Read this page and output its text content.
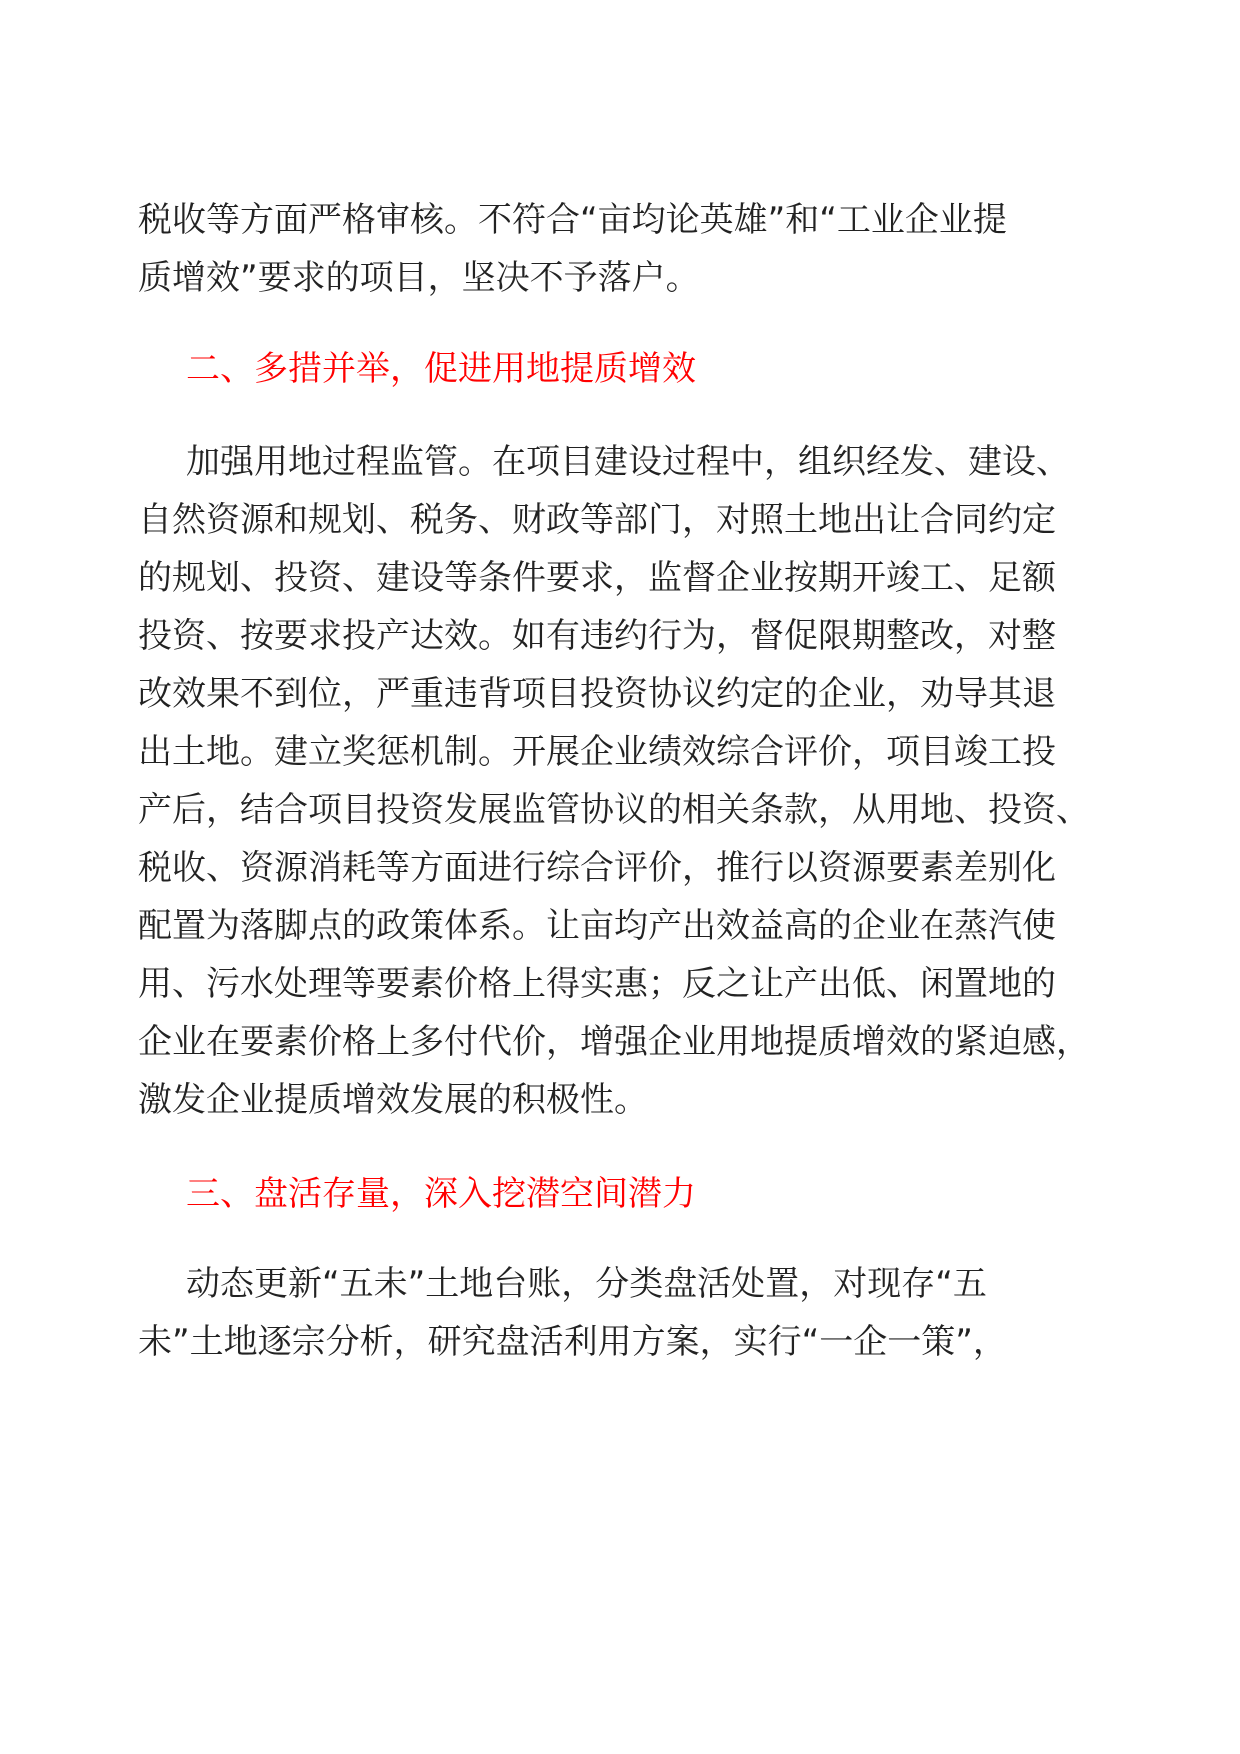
税收等方面严格审核。不符合“亩均论英雄”和“工业企业提
质增效”要求的项目，坚决不予落户。
二、多措并举，促进用地提质增效
加强用地过程监管。在项目建设过程中，组织经发、建设、
自然资源和规划、税务、财政等部门，对照土地出让合同约定
的规划、投资、建设等条件要求，监督企业按期开竣工、足额
投资、按要求投产达效。如有违约行为，督促限期整改，对整
改效果不到位，严重违背项目投资协议约定的企业，劝导其退
出土地。建立奖惩机制。开展企业绩效综合评价，项目竣工投
产后，结合项目投资发展监管协议的相关条款，从用地、投资、
税收、资源消耗等方面进行综合评价，推行以资源要素差别化
配置为落脚点的政策体系。让亩均产出效益高的企业在蒸汽使
用、污水处理等要素价格上得实惠；反之让产出低、闲置地的
企业在要素价格上多付代价，增强企业用地提质增效的紧迫感，
激发企业提质增效发展的积极性。
三、盘活存量，深入挖潜空间潜力
动态更新“五未”土地台账，分类盘活处置，对现存“五
未”土地逐宗分析，研究盘活利用方案，实行“一企一策”，
